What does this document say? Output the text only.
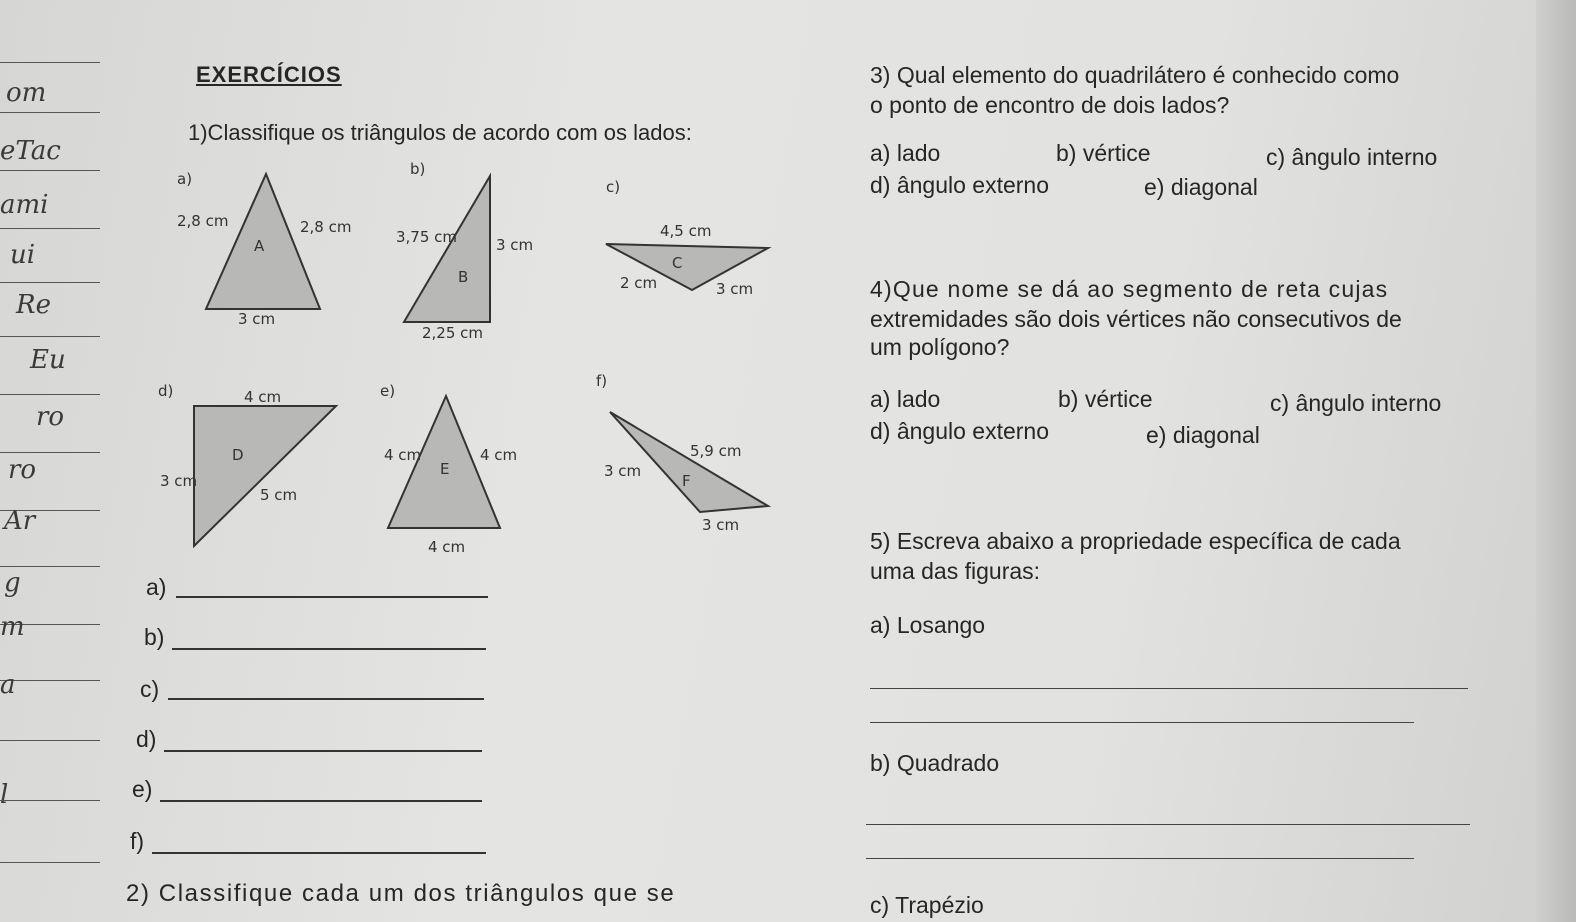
om
eTac
ami
ui
Re
Eu
ro
ro
Ar
g
m
a
l
EXERCÍCIOS
1)Classifique os triângulos de acordo com os lados:
a)
2,8 cm	2,8 cm
A
3 cm
b)
3,75 cm	3 cm
B
2,25 cm
c)
4,5 cm
C
2 cm	3 cm
d)	4 cm
D
3 cm
5 cm
e)
4 cm	4 cm
E
4 cm
f)
5,9 cm
3 cm
F
3 cm
a)
b)
c)
d)
e)
f)
2) Classifique cada um dos triângulos que se
3) Qual elemento do quadrilátero é conhecido como
o ponto de encontro de dois lados?
a) lado	b) vértice	c) ângulo interno
d) ângulo externo	e) diagonal
4)Que nome se dá ao segmento de reta cujas
extremidades são dois vértices não consecutivos de
um polígono?
a) lado	b) vértice	c) ângulo interno
d) ângulo externo	e) diagonal
5) Escreva abaixo a propriedade específica de cada
uma das figuras:
a) Losango
b) Quadrado
c) Trapézio
